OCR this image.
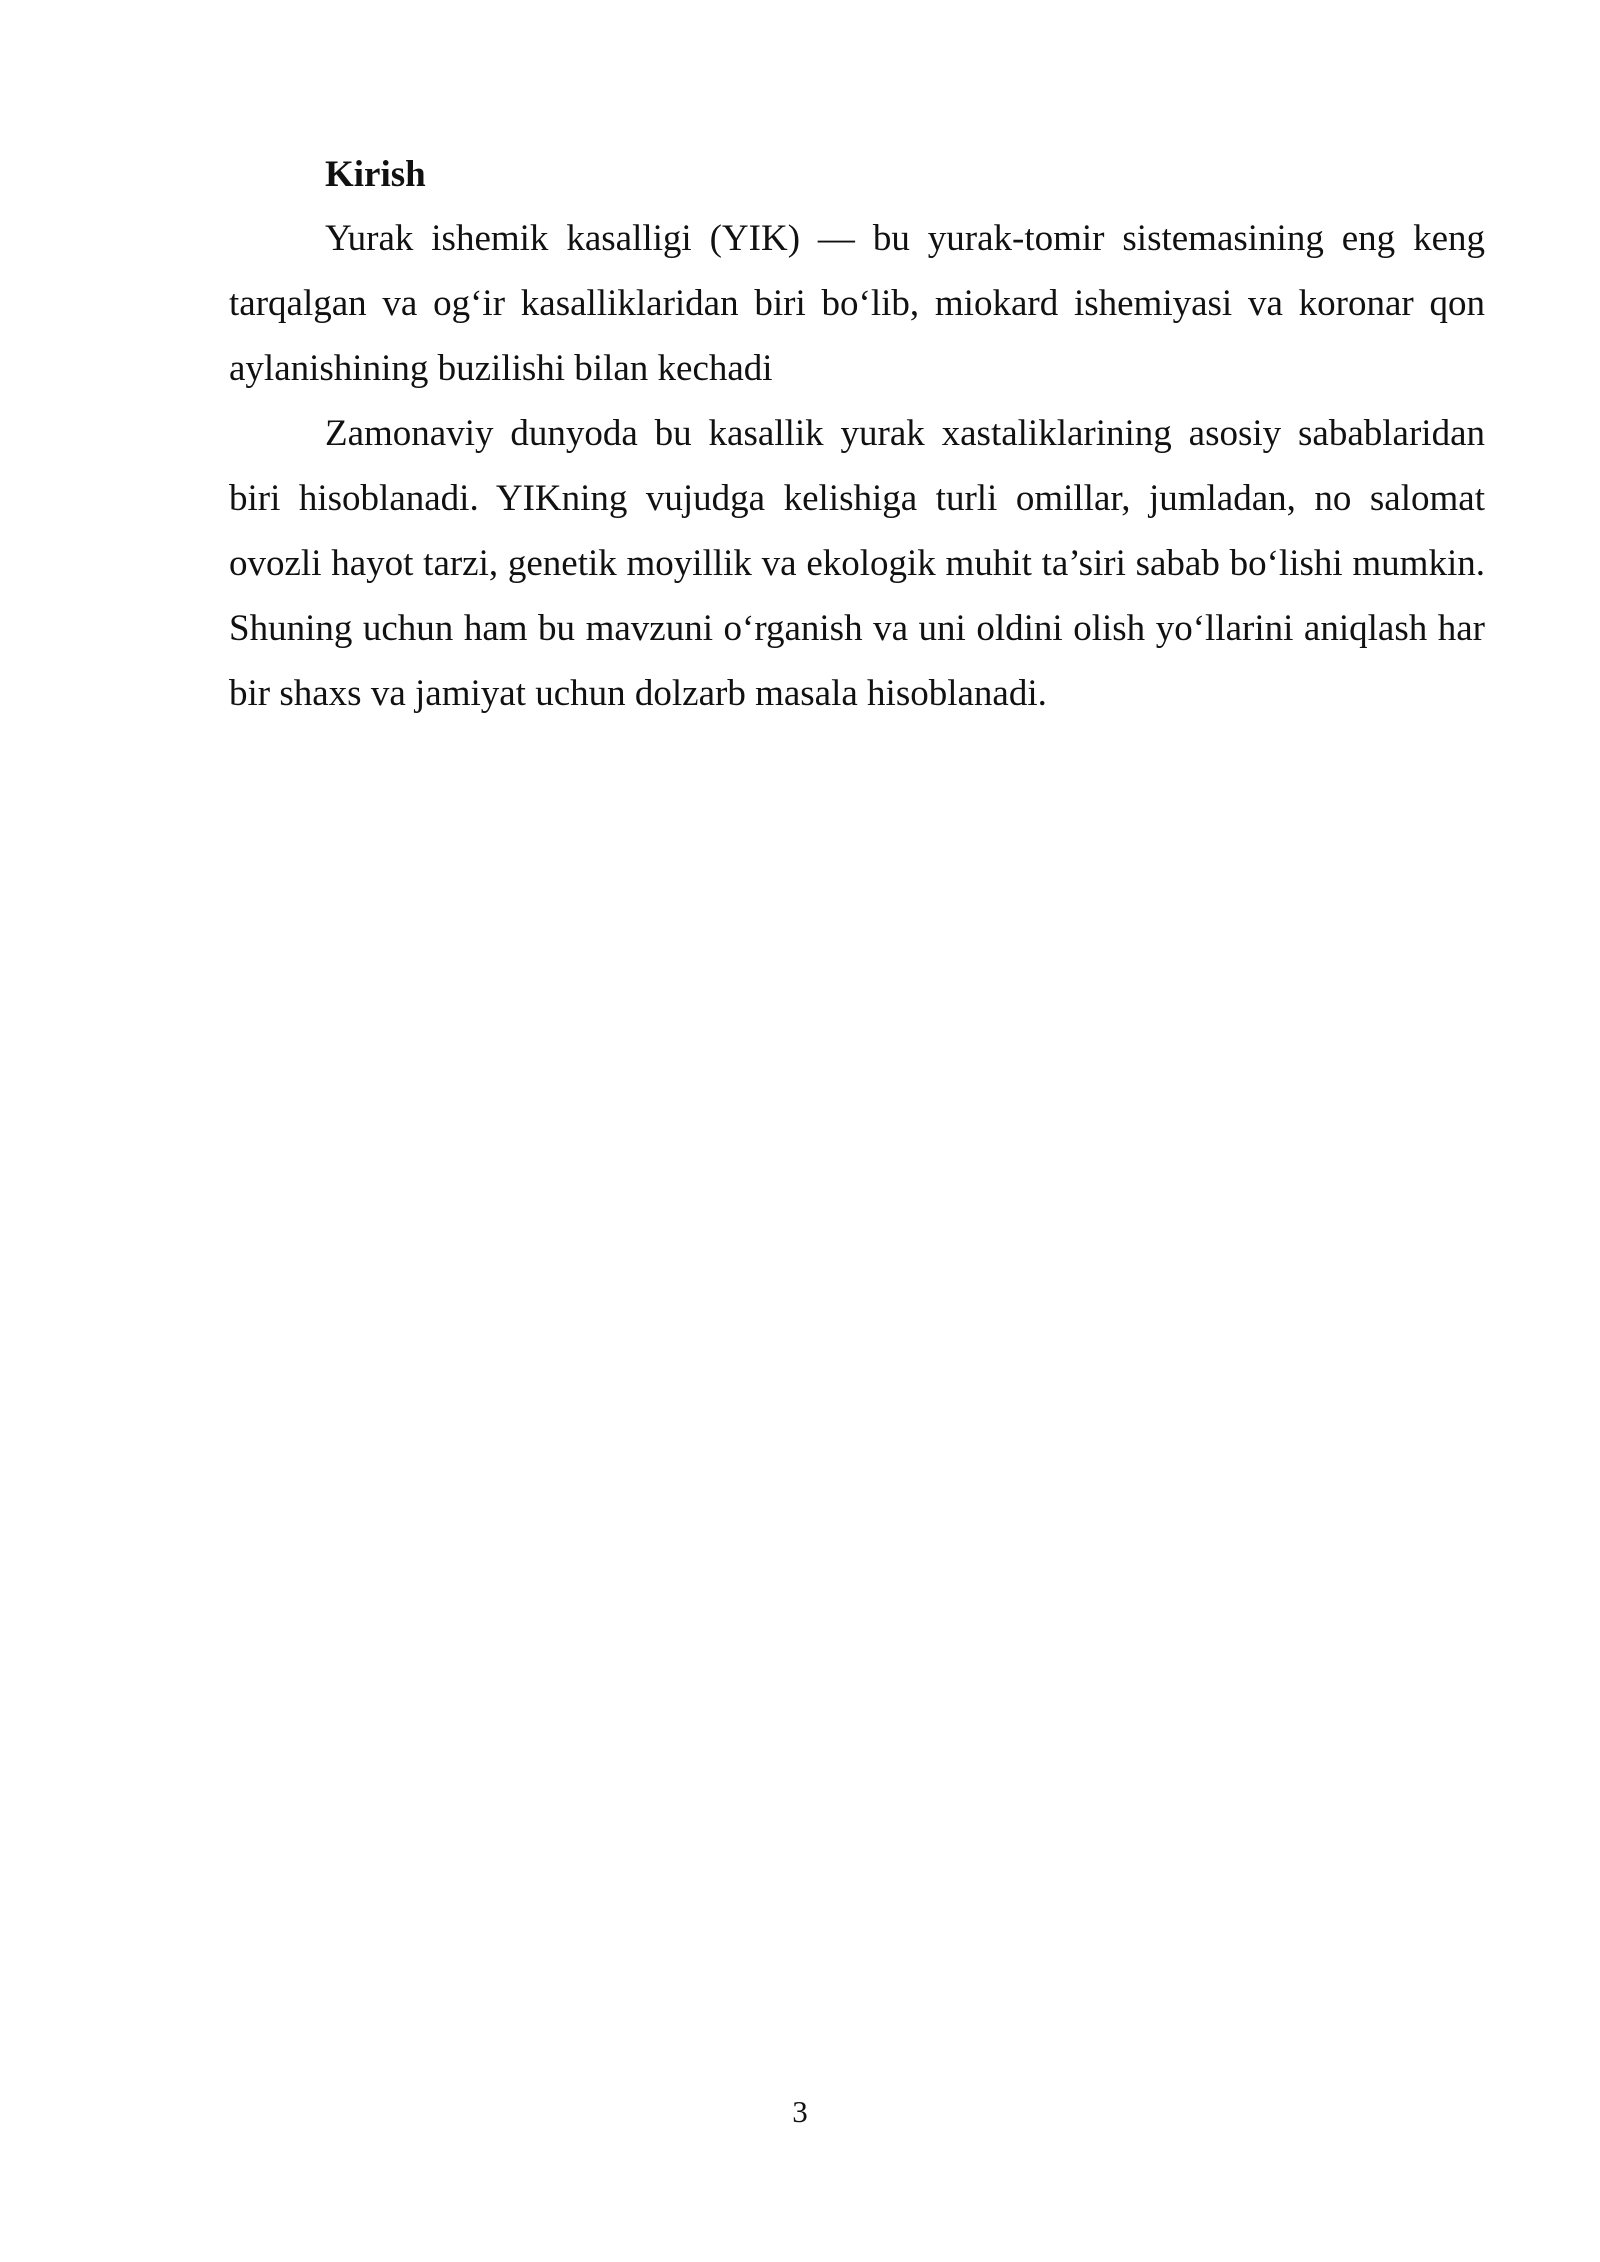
Kirish

Yurak ishemik kasalligi (YIK) — bu yurak-tomir sistemasining eng keng tarqalgan va og‘ir kasalliklaridan biri bo‘lib, miokard ishemiyasi va koronar qon aylanishining buzilishi bilan kechadi

Zamonaviy dunyoda bu kasallik yurak xastaliklarining asosiy sabablaridan biri hisoblanadi. YIKning vujudga kelishiga turli omillar, jumladan, no salomat ovozli hayot tarzi, genetik moyillik va ekologik muhit ta’siri sabab bo‘lishi mumkin. Shuning uchun ham bu mavzuni o‘rganish va uni oldini olish yo‘llarini aniqlash har bir shaxs va jamiyat uchun dolzarb masala hisoblanadi.

3
